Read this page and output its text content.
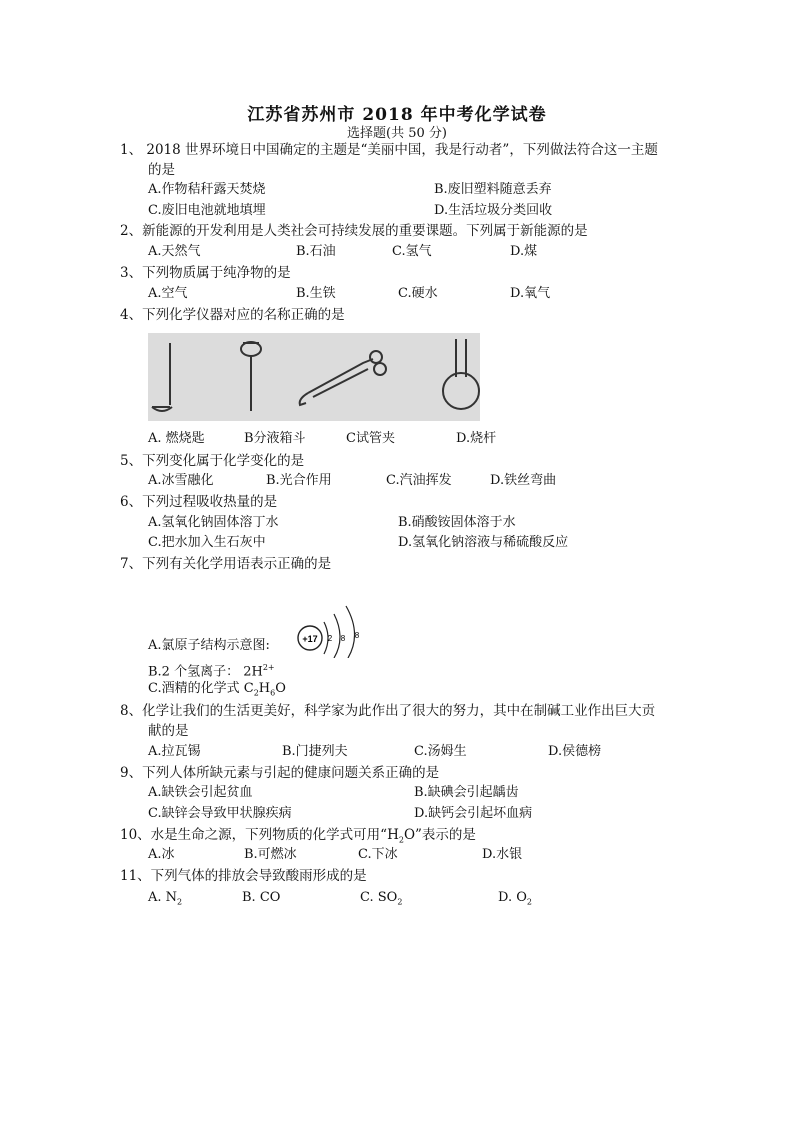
江苏省苏州市 2018 年中考化学试卷
选择题(共 50 分)
1、 2018 世界环境日中国确定的主题是“美丽中国，我是行动者”，下列做法符合这一主题
的是
A.作物秸秆露天焚烧	B.废旧塑料随意丢弃
C.废旧电池就地填埋	D.生活垃圾分类回收
2、新能源的开发利用是人类社会可持续发展的重要课题。下列属于新能源的是
A.天然气	B.石油	C.氢气	D.煤
3、下列物质属于纯净物的是
A.空气	B.生铁	C.硬水	D.氧气
4、下列化学仪器对应的名称正确的是
A. 燃烧匙	B分液箱斗	C试管夹	D.烧杆
5、下列变化属于化学变化的是
A.冰雪融化	B.光合作用	C.汽油挥发	D.铁丝弯曲
6、下列过程吸收热量的是
A.氢氧化钠固体溶丁水	B.硝酸铵固体溶于水
C.把水加入生石灰中	D.氢氧化钠溶液与稀硫酸反应
7、下列有关化学用语表示正确的是
+17 2 8 8
A.氯原子结构示意图:
B.2 个氢离子： $2H^{2+}$
C.酒精的化学式 $C_2H_6O$
8、化学让我们的生活更美好，科学家为此作出了很大的努力，其中在制碱工业作出巨大贡
献的是
A.拉瓦锡	B.门捷列夫	C.汤姆生	D.侯德榜
9、下列人体所缺元素与引起的健康问题关系正确的是
A.缺铁会引起贫血	B.缺碘会引起龋齿
C.缺锌会导致甲状腺疾病	D.缺钙会引起坏血病
10、水是生命之源，下列物质的化学式可用“$H_2O$”表示的是
A.冰	B.可燃冰	C.下冰	D.水银
11、下列气体的排放会导致酸雨形成的是
A. $N_2$	B. CO	C. $SO_2$	D. $O_2$
